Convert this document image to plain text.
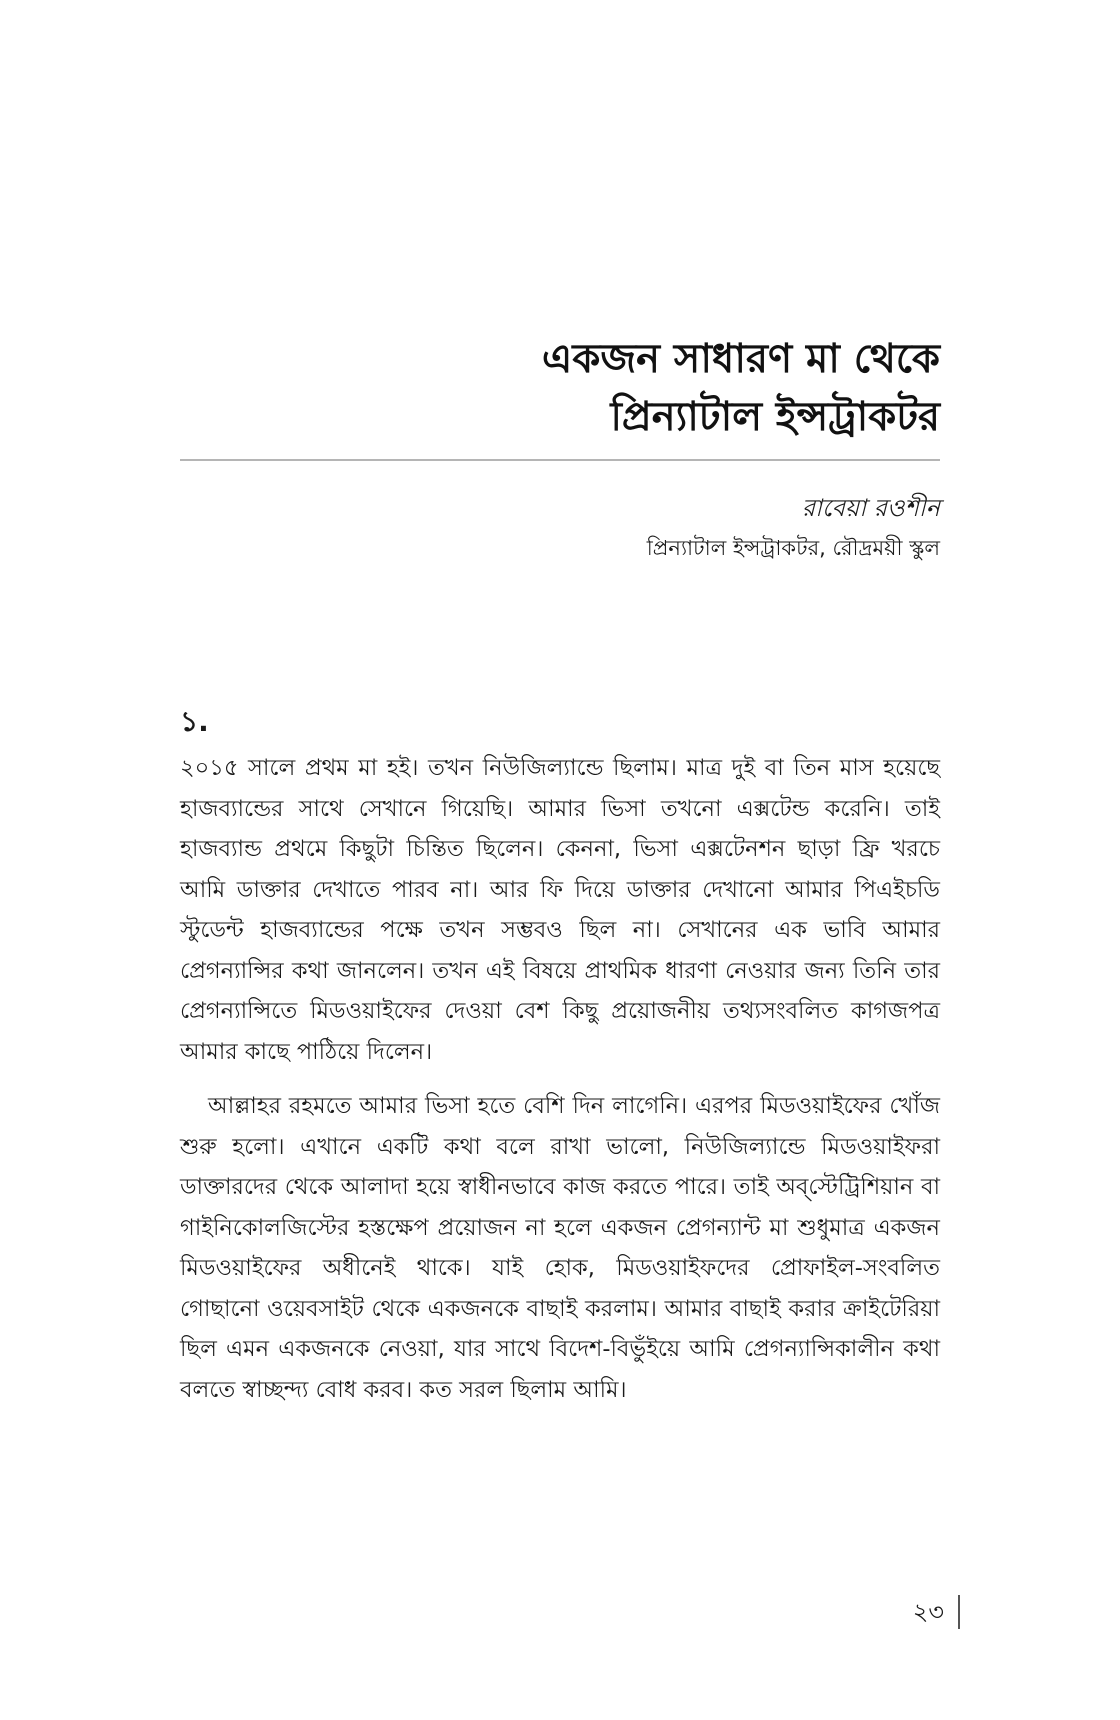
একজন সাধারণ মা থেকে
প্রিন্যাটাল ইন্সট্রাকটর
রাবেয়া রওশীন
প্রিন্যাটাল ইন্সট্রাকটর, রৌদ্রময়ী স্কুল
১.

২০১৫ সালে প্রথম মা হই। তখন নিউজিল্যান্ডে ছিলাম। মাত্র দুই বা তিন মাস হয়েছে হাজব্যান্ডের সাথে সেখানে গিয়েছি। আমার ভিসা তখনো এক্সটেন্ড করেনি। তাই হাজব্যান্ড প্রথমে কিছুটা চিন্তিত ছিলেন। কেননা, ভিসা এক্সটেনশন ছাড়া ফ্রি খরচে আমি ডাক্তার দেখাতে পারব না। আর ফি দিয়ে ডাক্তার দেখানো আমার পিএইচডি স্টুডেন্ট হাজব্যান্ডের পক্ষে তখন সম্ভবও ছিল না। সেখানের এক ভাবি আমার প্রেগন্যান্সির কথা জানলেন। তখন এই বিষয়ে প্রাথমিক ধারণা নেওয়ার জন্য তিনি তার প্রেগন্যান্সিতে মিডওয়াইফের দেওয়া বেশ কিছু প্রয়োজনীয় তথ্যসংবলিত কাগজপত্র আমার কাছে পাঠিয়ে দিলেন।

আল্লাহর রহমতে আমার ভিসা হতে বেশি দিন লাগেনি। এরপর মিডওয়াইফের খোঁজ শুরু হলো। এখানে একটি কথা বলে রাখা ভালো, নিউজিল্যান্ডে মিডওয়াইফরা ডাক্তারদের থেকে আলাদা হয়ে স্বাধীনভাবে কাজ করতে পারে। তাই অব্‌স্টেট্রিশিয়ান বা গাইনিকোলজিস্টের হস্তক্ষেপ প্রয়োজন না হলে একজন প্রেগন্যান্ট মা শুধুমাত্র একজন মিডওয়াইফের অধীনেই থাকে। যাই হোক, মিডওয়াইফদের প্রোফাইল-সংবলিত গোছানো ওয়েবসাইট থেকে একজনকে বাছাই করলাম। আমার বাছাই করার ক্রাইটেরিয়া ছিল এমন একজনকে নেওয়া, যার সাথে বিদেশ-বিভুঁইয়ে আমি প্রেগন্যান্সিকালীন কথা বলতে স্বাচ্ছন্দ্য বোধ করব। কত সরল ছিলাম আমি।

২৩
